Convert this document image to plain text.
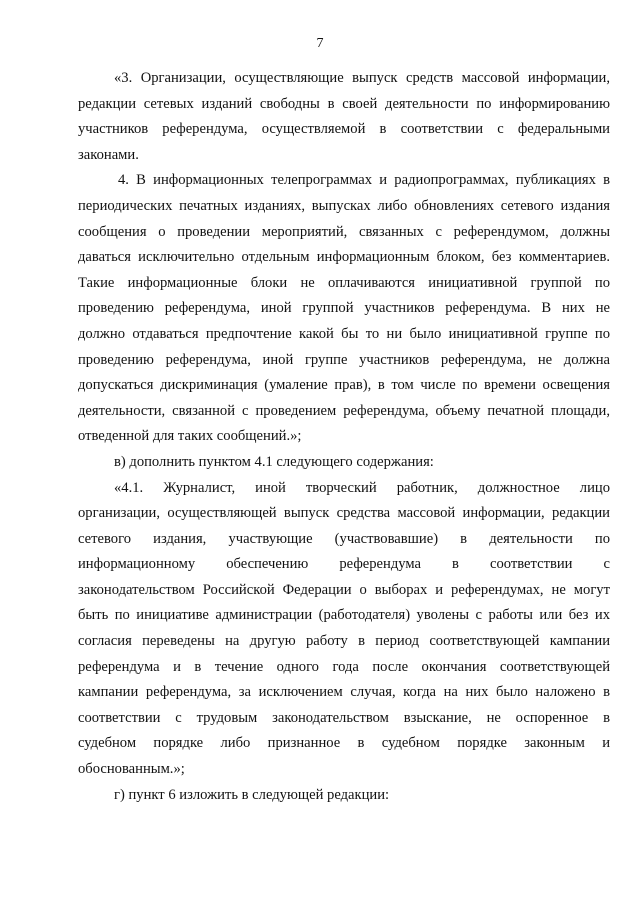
7
«3. Организации, осуществляющие выпуск средств массовой информации,
редакции сетевых изданий свободны в своей деятельности по информированию
участников референдума, осуществляемой в соответствии с федеральными
законами.
4. В информационных телепрограммах и радиопрограммах, публикациях в
периодических печатных изданиях, выпусках либо обновлениях сетевого издания
сообщения о проведении мероприятий, связанных с референдумом, должны
даваться исключительно отдельным информационным блоком, без комментариев.
Такие информационные блоки не оплачиваются инициативной группой по
проведению референдума, иной группой участников референдума. В них не
должно отдаваться предпочтение какой бы то ни было инициативной группе по
проведению референдума, иной группе участников референдума, не должна
допускаться дискриминация (умаление прав), в том числе по времени освещения
деятельности, связанной с проведением референдума, объему печатной площади,
отведенной для таких сообщений.»;
в) дополнить пунктом 4.1 следующего содержания:
«4.1. Журналист, иной творческий работник, должностное лицо
организации, осуществляющей выпуск средства массовой информации, редакции
сетевого издания, участвующие (участвовавшие) в деятельности по
информационному обеспечению референдума в соответствии с
законодательством Российской Федерации о выборах и референдумах, не могут
быть по инициативе администрации (работодателя) уволены с работы или без их
согласия переведены на другую работу в период соответствующей кампании
референдума и в течение одного года после окончания соответствующей
кампании референдума, за исключением случая, когда на них было наложено в
соответствии с трудовым законодательством взыскание, не оспоренное в
судебном порядке либо признанное в судебном порядке законным и
обоснованным.»;
г) пункт 6 изложить в следующей редакции:
